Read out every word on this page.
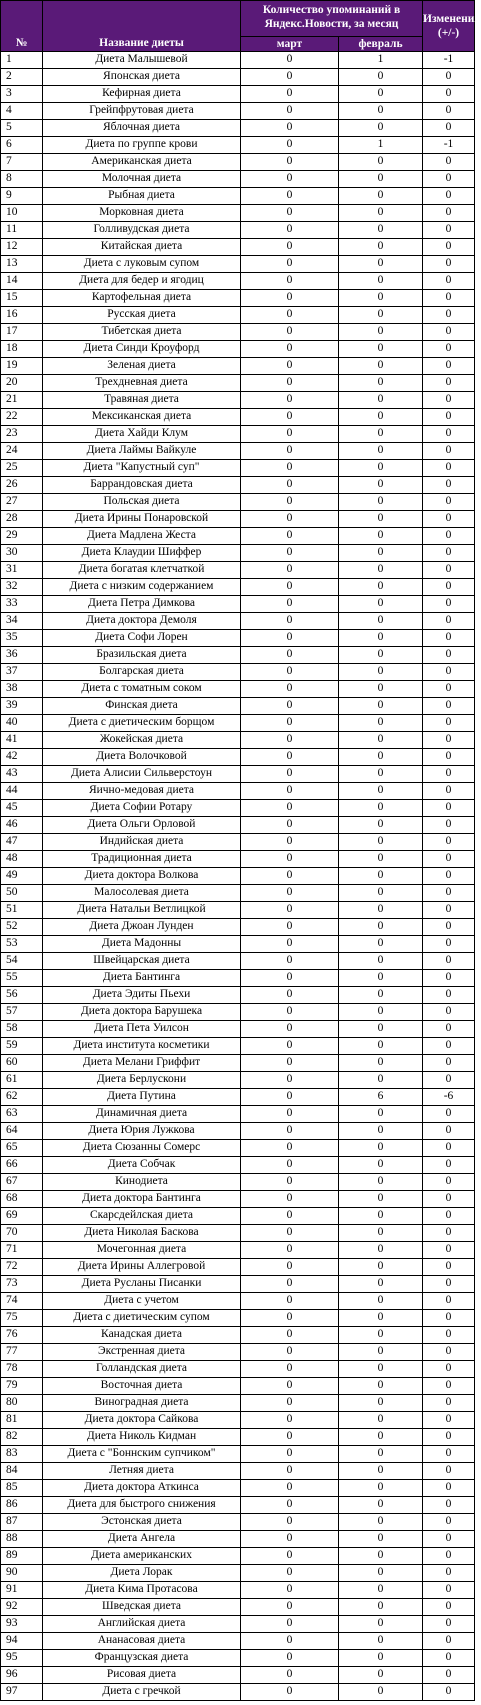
№	Название диеты	Количество упоминаний в Яндекс.Новости, за месяц		Изменения (+/-)
		март	февраль	
1	Диета Малышевой	0	1	-1
2	Японская диета	0	0	0
3	Кефирная диета	0	0	0
4	Грейпфрутовая диета	0	0	0
5	Яблочная диета	0	0	0
6	Диета по группе крови	0	1	-1
7	Американская диета	0	0	0
8	Молочная диета	0	0	0
9	Рыбная диета	0	0	0
10	Морковная диета	0	0	0
11	Голливудская диета	0	0	0
12	Китайская диета	0	0	0
13	Диета с луковым супом	0	0	0
14	Диета для бедер и ягодиц	0	0	0
15	Картофельная диета	0	0	0
16	Русская диета	0	0	0
17	Тибетская диета	0	0	0
18	Диета Синди Кроуфорд	0	0	0
19	Зеленая диета	0	0	0
20	Трехдневная диета	0	0	0
21	Травяная диета	0	0	0
22	Мексиканская диета	0	0	0
23	Диета Хайди Клум	0	0	0
24	Диета Лаймы Вайкуле	0	0	0
25	Диета "Капустный суп"	0	0	0
26	Баррандовская диета	0	0	0
27	Польская диета	0	0	0
28	Диета Ирины Понаровской	0	0	0
29	Диета Мадлена Жеста	0	0	0
30	Диета Клаудии Шиффер	0	0	0
31	Диета богатая клетчаткой	0	0	0
32	Диета с низким содержанием	0	0	0
33	Диета Петра Димкова	0	0	0
34	Диета доктора Демоля	0	0	0
35	Диета Софи Лорен	0	0	0
36	Бразильская диета	0	0	0
37	Болгарская диета	0	0	0
38	Диета с томатным соком	0	0	0
39	Финская диета	0	0	0
40	Диета с диетическим борщом	0	0	0
41	Жокейская диета	0	0	0
42	Диета Волочковой	0	0	0
43	Диета Алисии Сильверстоун	0	0	0
44	Яично-медовая диета	0	0	0
45	Диета Софии Ротару	0	0	0
46	Диета Ольги Орловой	0	0	0
47	Индийская диета	0	0	0
48	Традиционная диета	0	0	0
49	Диета доктора Волкова	0	0	0
50	Малосолевая диета	0	0	0
51	Диета Натальи Ветлицкой	0	0	0
52	Диета Джоан Лунден	0	0	0
53	Диета Мадонны	0	0	0
54	Швейцарская диета	0	0	0
55	Диета Бантинга	0	0	0
56	Диета Эдиты Пьехи	0	0	0
57	Диета доктора Барушека	0	0	0
58	Диета Пета Уилсон	0	0	0
59	Диета института косметики	0	0	0
60	Диета Мелани Гриффит	0	0	0
61	Диета Берлускони	0	0	0
62	Диета Путина	0	6	-6
63	Динамичная диета	0	0	0
64	Диета Юрия Лужкова	0	0	0
65	Диета Сюзанны Сомерс	0	0	0
66	Диета Собчак	0	0	0
67	Кинодиета	0	0	0
68	Диета доктора Бантинга	0	0	0
69	Скарсдейлская диета	0	0	0
70	Диета Николая Баскова	0	0	0
71	Мочегонная диета	0	0	0
72	Диета Ирины Аллегровой	0	0	0
73	Диета Русланы Писанки	0	0	0
74	Диета с учетом	0	0	0
75	Диета с диетическим супом	0	0	0
76	Канадская диета	0	0	0
77	Экстренная диета	0	0	0
78	Голландская диета	0	0	0
79	Восточная диета	0	0	0
80	Виноградная диета	0	0	0
81	Диета доктора Сайкова	0	0	0
82	Диета Николь Кидман	0	0	0
83	Диета с "Боннским супчиком"	0	0	0
84	Летняя диета	0	0	0
85	Диета доктора Аткинса	0	0	0
86	Диета для быстрого снижения	0	0	0
87	Эстонская диета	0	0	0
88	Диета Ангела	0	0	0
89	Диета американских	0	0	0
90	Диета Лорак	0	0	0
91	Диета Кима Протасова	0	0	0
92	Шведская диета	0	0	0
93	Английская диета	0	0	0
94	Ананасовая диета	0	0	0
95	Французская диета	0	0	0
96	Рисовая диета	0	0	0
97	Диета с гречкой	0	0	0
